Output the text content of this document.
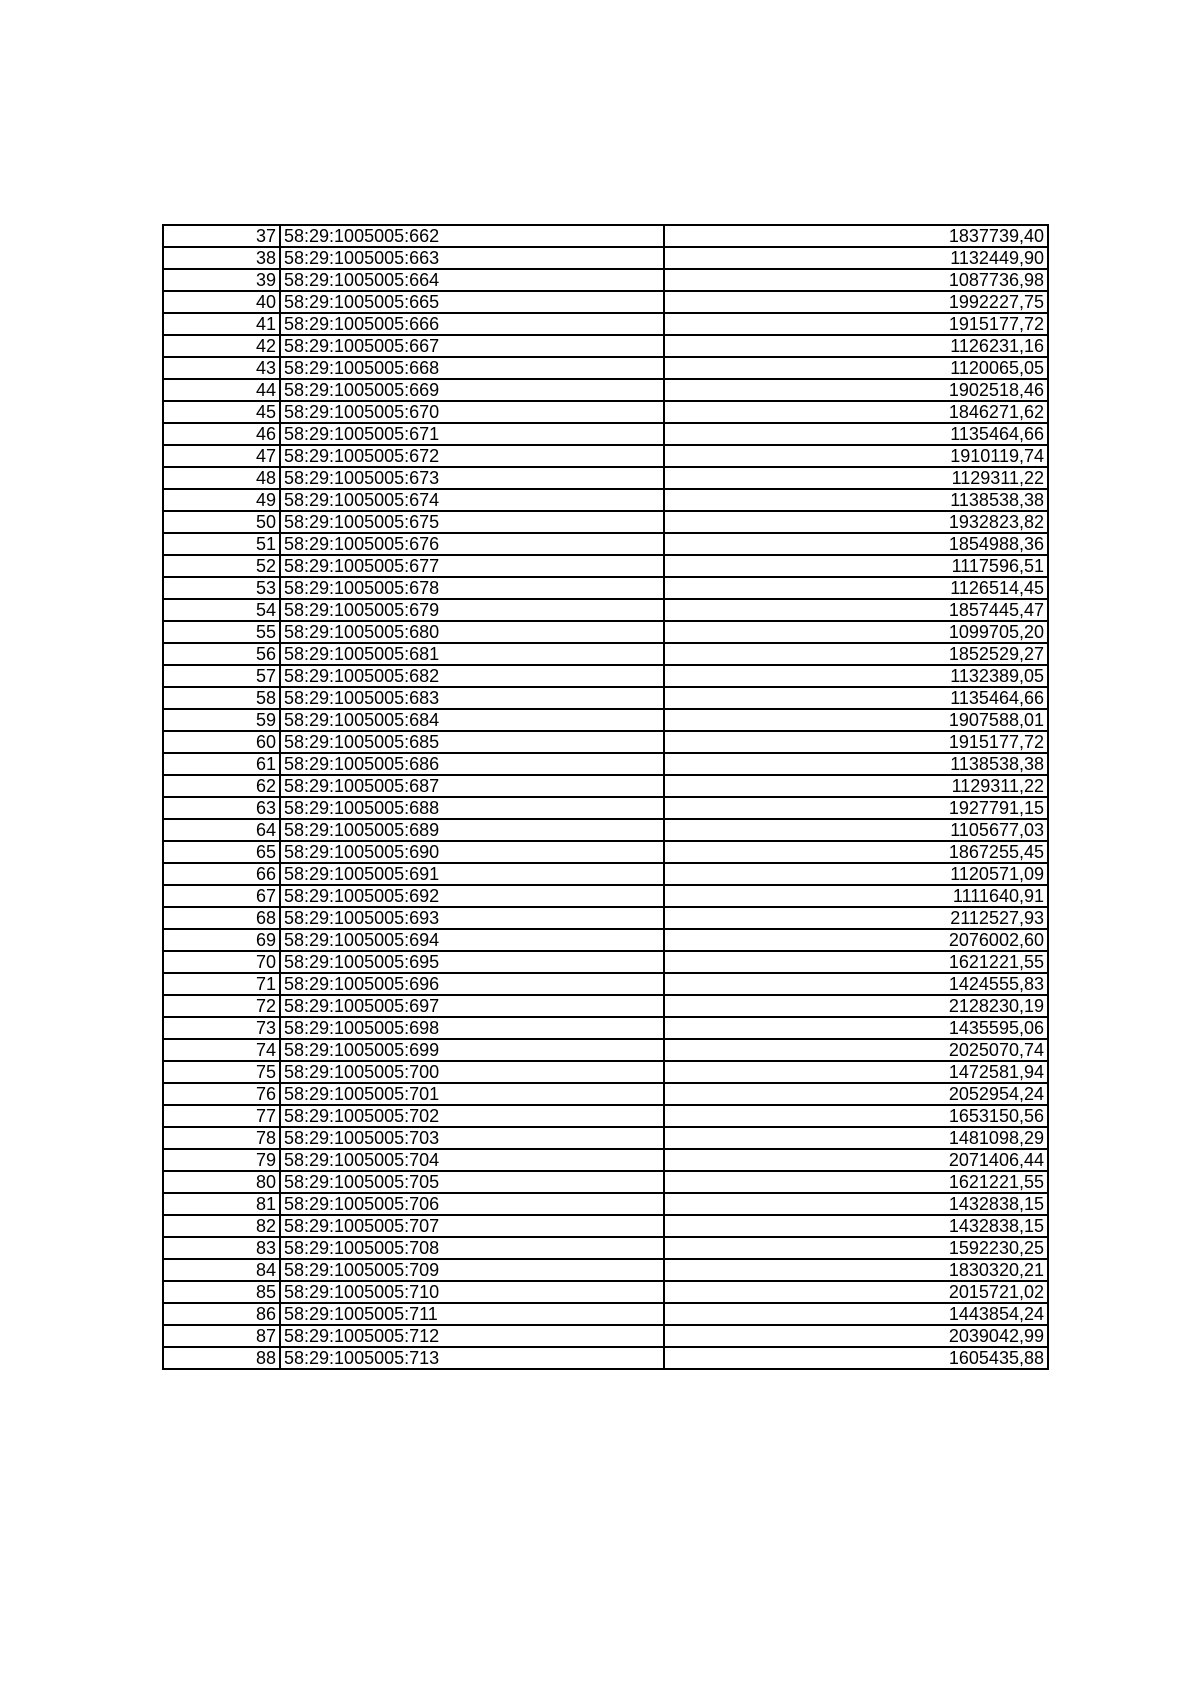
37	58:29:1005005:662	1837739,40
38	58:29:1005005:663	1132449,90
39	58:29:1005005:664	1087736,98
40	58:29:1005005:665	1992227,75
41	58:29:1005005:666	1915177,72
42	58:29:1005005:667	1126231,16
43	58:29:1005005:668	1120065,05
44	58:29:1005005:669	1902518,46
45	58:29:1005005:670	1846271,62
46	58:29:1005005:671	1135464,66
47	58:29:1005005:672	1910119,74
48	58:29:1005005:673	1129311,22
49	58:29:1005005:674	1138538,38
50	58:29:1005005:675	1932823,82
51	58:29:1005005:676	1854988,36
52	58:29:1005005:677	1117596,51
53	58:29:1005005:678	1126514,45
54	58:29:1005005:679	1857445,47
55	58:29:1005005:680	1099705,20
56	58:29:1005005:681	1852529,27
57	58:29:1005005:682	1132389,05
58	58:29:1005005:683	1135464,66
59	58:29:1005005:684	1907588,01
60	58:29:1005005:685	1915177,72
61	58:29:1005005:686	1138538,38
62	58:29:1005005:687	1129311,22
63	58:29:1005005:688	1927791,15
64	58:29:1005005:689	1105677,03
65	58:29:1005005:690	1867255,45
66	58:29:1005005:691	1120571,09
67	58:29:1005005:692	1111640,91
68	58:29:1005005:693	2112527,93
69	58:29:1005005:694	2076002,60
70	58:29:1005005:695	1621221,55
71	58:29:1005005:696	1424555,83
72	58:29:1005005:697	2128230,19
73	58:29:1005005:698	1435595,06
74	58:29:1005005:699	2025070,74
75	58:29:1005005:700	1472581,94
76	58:29:1005005:701	2052954,24
77	58:29:1005005:702	1653150,56
78	58:29:1005005:703	1481098,29
79	58:29:1005005:704	2071406,44
80	58:29:1005005:705	1621221,55
81	58:29:1005005:706	1432838,15
82	58:29:1005005:707	1432838,15
83	58:29:1005005:708	1592230,25
84	58:29:1005005:709	1830320,21
85	58:29:1005005:710	2015721,02
86	58:29:1005005:711	1443854,24
87	58:29:1005005:712	2039042,99
88	58:29:1005005:713	1605435,88
